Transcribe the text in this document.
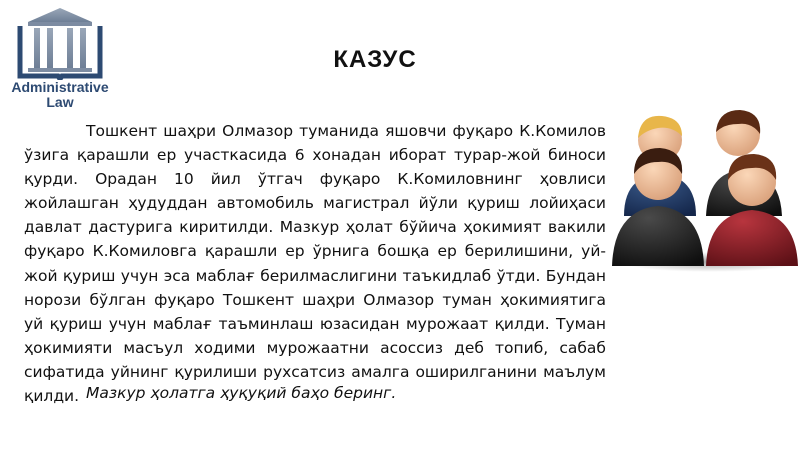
Administrative
Law
КАЗУС

Тошкент шаҳри Олмазор туманида яшовчи фуқаро К.Комилов ўзига қарашли ер участкасида 6 хонадан иборат турар-жой биноси қурди. Орадан 10 йил ўтгач фуқаро К.Комиловнинг ҳовлиси жойлашган ҳудуддан автомобиль магистрал йўли қуриш лойиҳаси давлат дастурига киритилди. Мазкур ҳолат бўйича ҳокимият вакили фуқаро К.Комиловга қарашли ер ўрнига бошқа ер берилишини, уй-жой қуриш учун эса маблағ берилмаслигини таъкидлаб ўтди. Бундан норози бўлган фуқаро Тошкент шаҳри Олмазор туман ҳокимиятига уй қуриш учун маблағ таъминлаш юзасидан мурожаат қилди. Туман ҳокимияти масъул ходими мурожаатни асоссиз деб топиб, сабаб сифатида уйнинг қурилиши рухсатсиз амалга оширилганини маълум қилди. Мазкур ҳолатга ҳуқуқий баҳо беринг.
